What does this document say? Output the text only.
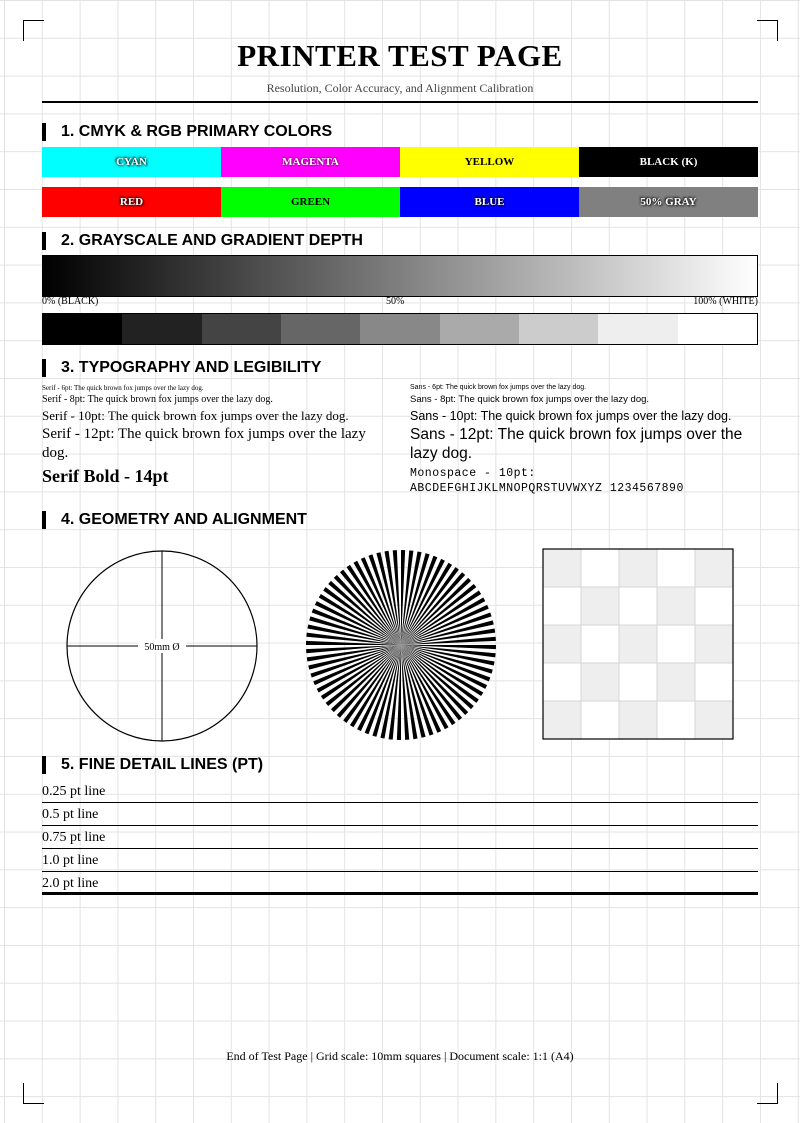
PRINTER TEST PAGE
Resolution, Color Accuracy, and Alignment Calibration
1. CMYK & RGB PRIMARY COLORS
CYAN	MAGENTA	YELLOW	BLACK (K)
RED	GREEN	BLUE	50% GRAY
2. GRAYSCALE AND GRADIENT DEPTH
0% (BLACK)	50%	100% (WHITE)
3. TYPOGRAPHY AND LEGIBILITY
Serif - 6pt: The quick brown fox jumps over the lazy dog.
Serif - 8pt: The quick brown fox jumps over the lazy dog.
Serif - 10pt: The quick brown fox jumps over the lazy dog.
Serif - 12pt: The quick brown fox jumps over the lazy dog.
Serif Bold - 14pt
Sans - 6pt: The quick brown fox jumps over the lazy dog.
Sans - 8pt: The quick brown fox jumps over the lazy dog.
Sans - 10pt: The quick brown fox jumps over the lazy dog.
Sans - 12pt: The quick brown fox jumps over the lazy dog.
Monospace - 10pt:
ABCDEFGHIJKLMNOPQRSTUVWXYZ 1234567890
4. GEOMETRY AND ALIGNMENT
50mm Ø
5. FINE DETAIL LINES (PT)
0.25 pt line
0.5 pt line
0.75 pt line
1.0 pt line
2.0 pt line
End of Test Page | Grid scale: 10mm squares | Document scale: 1:1 (A4)
